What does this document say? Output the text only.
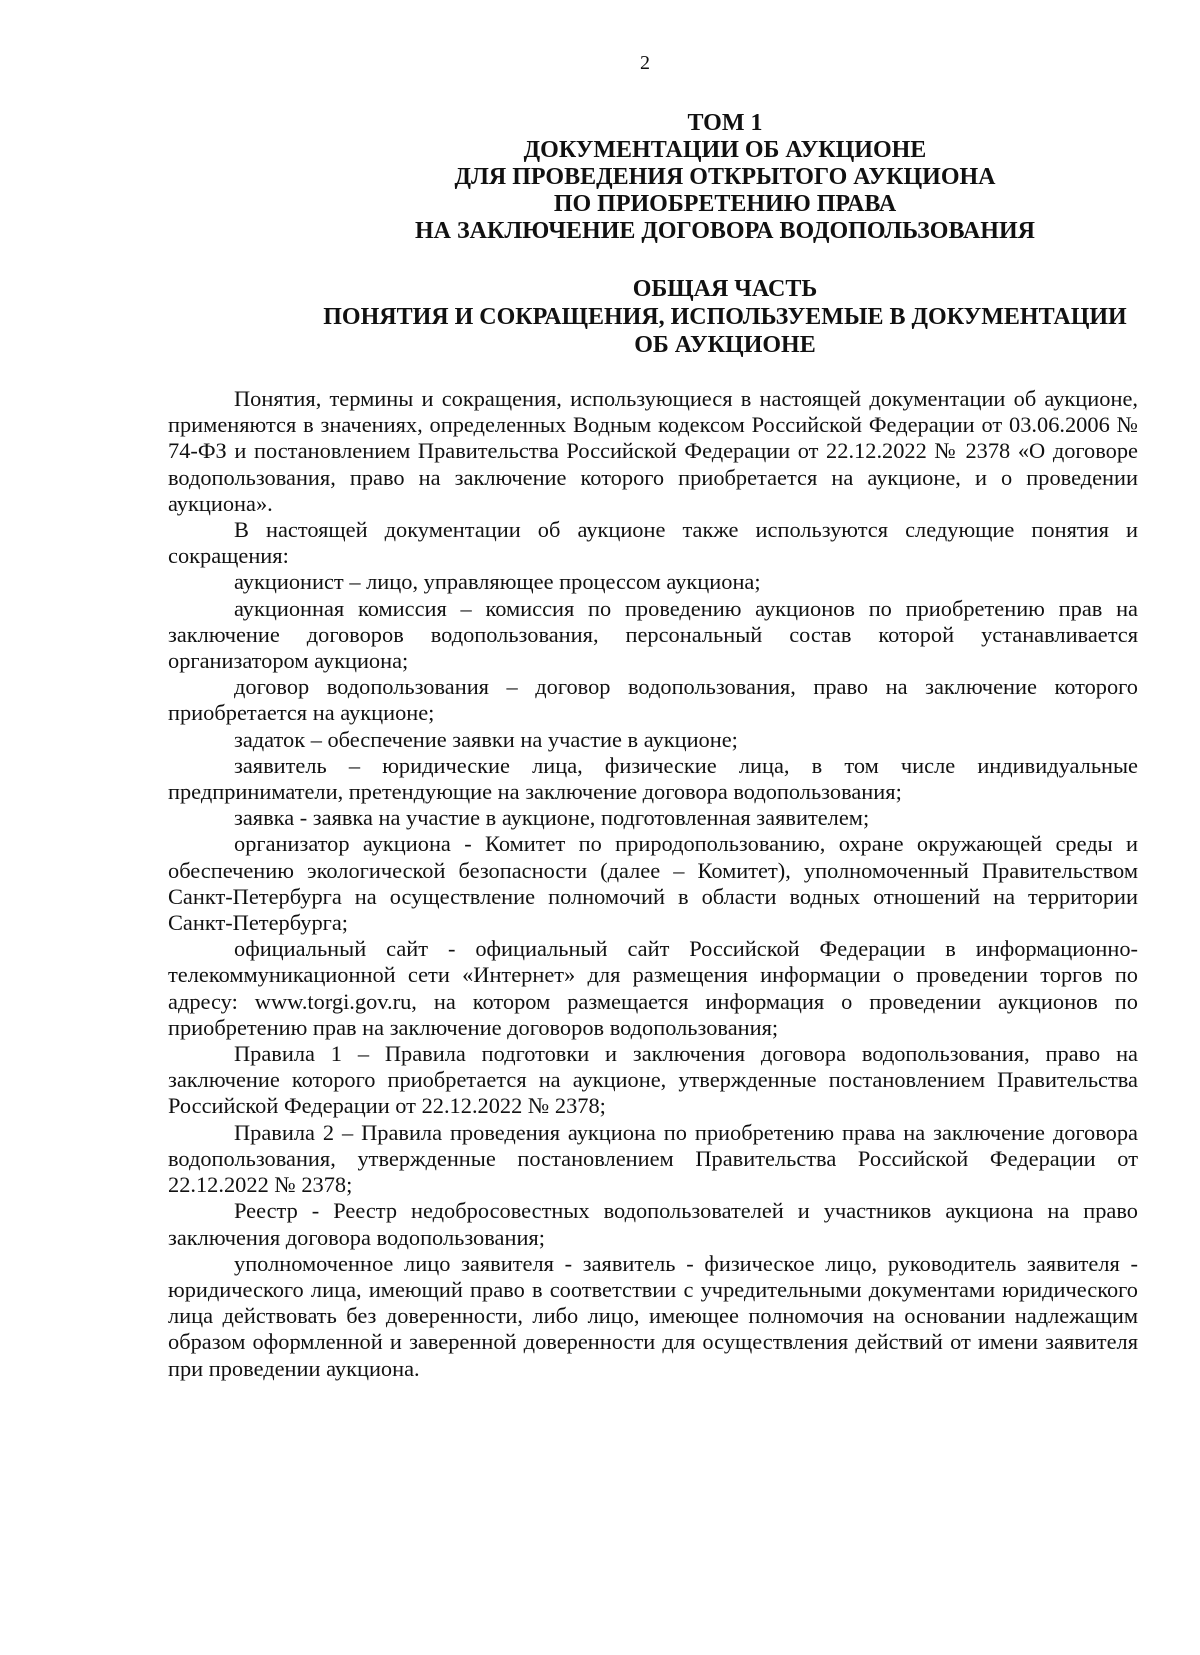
2
ТОМ 1
ДОКУМЕНТАЦИИ ОБ АУКЦИОНЕ
ДЛЯ ПРОВЕДЕНИЯ ОТКРЫТОГО АУКЦИОНА
ПО ПРИОБРЕТЕНИЮ ПРАВА
НА ЗАКЛЮЧЕНИЕ ДОГОВОРА ВОДОПОЛЬЗОВАНИЯ
ОБЩАЯ ЧАСТЬ
ПОНЯТИЯ И СОКРАЩЕНИЯ, ИСПОЛЬЗУЕМЫЕ В ДОКУМЕНТАЦИИ
ОБ АУКЦИОНЕ

Понятия, термины и сокращения, использующиеся в настоящей документации об аукционе, применяются в значениях, определенных Водным кодексом Российской Федерации от 03.06.2006 № 74-ФЗ и постановлением Правительства Российской Федерации от 22.12.2022 № 2378 «О договоре водопользования, право на заключение которого приобретается на аукционе, и о проведении аукциона».

В настоящей документации об аукционе также используются следующие понятия и сокращения:

аукционист – лицо, управляющее процессом аукциона;

аукционная комиссия – комиссия по проведению аукционов по приобретению прав на заключение договоров водопользования, персональный состав которой устанавливается организатором аукциона;

договор водопользования – договор водопользования, право на заключение которого приобретается на аукционе;

задаток – обеспечение заявки на участие в аукционе;

заявитель – юридические лица, физические лица, в том числе индивидуальные предприниматели, претендующие на заключение договора водопользования;

заявка - заявка на участие в аукционе, подготовленная заявителем;

организатор аукциона - Комитет по природопользованию, охране окружающей среды и обеспечению экологической безопасности (далее – Комитет), уполномоченный Правительством Санкт-Петербурга на осуществление полномочий в области водных отношений на территории Санкт-Петербурга;

официальный сайт - официальный сайт Российской Федерации в информационно-телекоммуникационной сети «Интернет» для размещения информации о проведении торгов по адресу: www.torgi.gov.ru, на котором размещается информация о проведении аукционов по приобретению прав на заключение договоров водопользования;

Правила 1 – Правила подготовки и заключения договора водопользования, право на заключение которого приобретается на аукционе, утвержденные постановлением Правительства Российской Федерации от 22.12.2022 № 2378;

Правила 2 – Правила проведения аукциона по приобретению права на заключение договора водопользования, утвержденные постановлением Правительства Российской Федерации от 22.12.2022 № 2378;

Реестр - Реестр недобросовестных водопользователей и участников аукциона на право заключения договора водопользования;

уполномоченное лицо заявителя - заявитель - физическое лицо, руководитель заявителя - юридического лица, имеющий право в соответствии с учредительными документами юридического лица действовать без доверенности, либо лицо, имеющее полномочия на основании надлежащим образом оформленной и заверенной доверенности для осуществления действий от имени заявителя при проведении аукциона.
